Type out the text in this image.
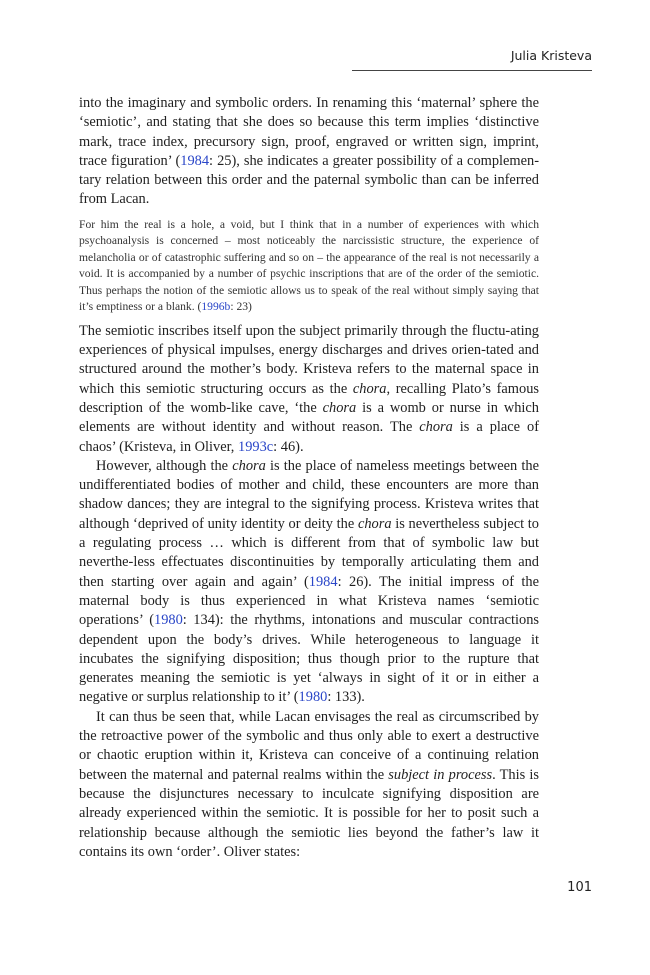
Julia Kristeva

into the imaginary and symbolic orders. In renaming this ‘maternal’ sphere the ‘semiotic’, and stating that she does so because this term implies ‘distinctive mark, trace index, precursory sign, proof, engraved or written sign, imprint, trace figuration’ (1984: 25), she indicates a greater possibility of a complemen-tary relation between this order and the paternal symbolic than can be inferred from Lacan.

For him the real is a hole, a void, but I think that in a number of experiences with which psychoanalysis is concerned – most noticeably the narcissistic structure, the experience of melancholia or of catastrophic suffering and so on – the appearance of the real is not necessarily a void. It is accompanied by a number of psychic inscriptions that are of the order of the semiotic. Thus perhaps the notion of the semiotic allows us to speak of the real without simply saying that it’s emptiness or a blank. (1996b: 23)

The semiotic inscribes itself upon the subject primarily through the fluctu-ating experiences of physical impulses, energy discharges and drives orien-tated and structured around the mother’s body. Kristeva refers to the maternal space in which this semiotic structuring occurs as the chora, recalling Plato’s famous description of the womb-like cave, ‘the chora is a womb or nurse in which elements are without identity and without reason. The chora is a place of chaos’ (Kristeva, in Oliver, 1993c: 46).

However, although the chora is the place of nameless meetings between the undifferentiated bodies of mother and child, these encounters are more than shadow dances; they are integral to the signifying process. Kristeva writes that although ‘deprived of unity identity or deity the chora is nevertheless subject to a regulating process … which is different from that of symbolic law but neverthe-less effectuates discontinuities by temporally articulating them and then starting over again and again’ (1984: 26). The initial impress of the maternal body is thus experienced in what Kristeva names ‘semiotic operations’ (1980: 134): the rhythms, intonations and muscular contractions dependent upon the body’s drives. While heterogeneous to language it incubates the signifying disposition; thus though prior to the rupture that generates meaning the semiotic is yet ‘always in sight of it or in either a negative or surplus relationship to it’ (1980: 133).

It can thus be seen that, while Lacan envisages the real as circumscribed by the retroactive power of the symbolic and thus only able to exert a destructive or chaotic eruption within it, Kristeva can conceive of a continuing relation between the maternal and paternal realms within the subject in process. This is because the disjunctures necessary to inculcate signifying disposition are already experienced within the semiotic. It is possible for her to posit such a relationship because although the semiotic lies beyond the father’s law it contains its own ‘order’. Oliver states:

101
